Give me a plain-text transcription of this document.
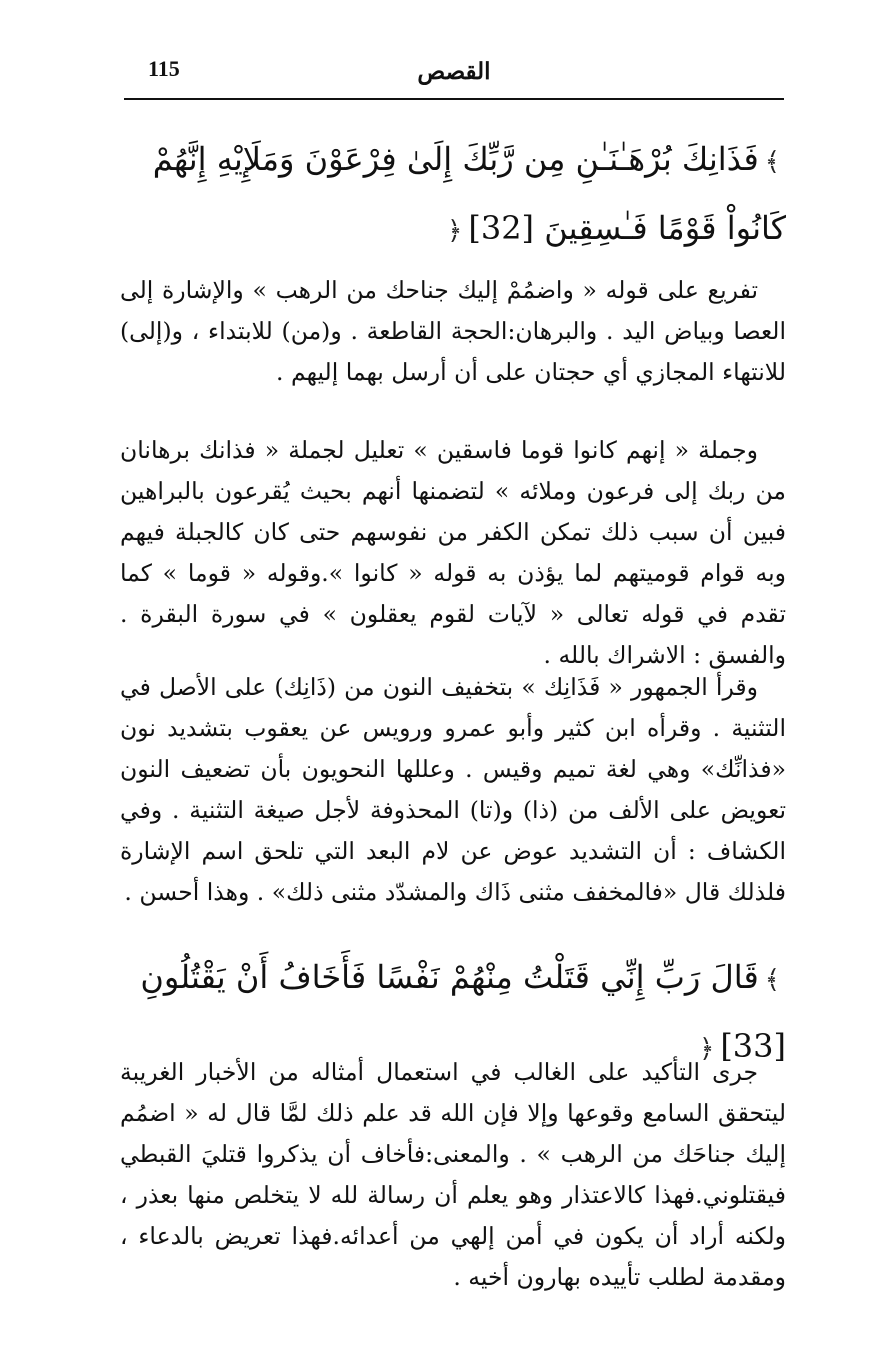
115	القصص
﴾فَذَانِكَ بُرْهَـٰنَـٰنِ مِن رَّبِّكَ إِلَىٰ فِرْعَوْنَ وَمَلَإِيْهِ إِنَّهُمْ كَانُواْ قَوْمًا فَـٰسِقِينَ [32]﴿

تفريع على قوله « واضمُمْ إليك جناحك من الرهب » والإشارة إلى العصا وبياض اليد . والبرهان:الحجة القاطعة . و(من) للابتداء ، و(إلى) للانتهاء المجازي أي حجتان على أن أرسل بهما إليهم .

وجملة « إنهم كانوا قوما فاسقين » تعليل لجملة « فذانك برهانان من ربك إلى فرعون وملائه » لتضمنها أنهم بحيث يُقرعون بالبراهين فبين أن سبب ذلك تمكن الكفر من نفوسهم حتى كان كالجبلة فيهم وبه قوام قوميتهم لما يؤذن به قوله « كانوا ».وقوله « قوما » كما تقدم في قوله تعالى « لآيات لقوم يعقلون » في سورة البقرة . والفسق : الاشراك بالله .

وقرأ الجمهور « فَذَانِك » بتخفيف النون من (ذَانِك) على الأصل في التثنية . وقرأه ابن كثير وأبو عمرو ورويس عن يعقوب بتشديد نون «فذانِّك» وهي لغة تميم وقيس . وعللها النحويون بأن تضعيف النون تعويض على الألف من (ذا) و(تا) المحذوفة لأجل صيغة التثنية . وفي الكشاف : أن التشديد عوض عن لام البعد التي تلحق اسم الإشارة فلذلك قال «فالمخفف مثنى ذَاك والمشدّد مثنى ذلك» . وهذا أحسن .

﴾قَالَ رَبِّ إِنِّي قَتَلْتُ مِنْهُمْ نَفْسًا فَأَخَافُ أَنْ يَقْتُلُونِ [33]﴿

جرى التأكيد على الغالب في استعمال أمثاله من الأخبار الغريبة ليتحقق السامع وقوعها وإلا فإن الله قد علم ذلك لمَّا قال له « اضمُم إليك جناحَك من الرهب » . والمعنى:فأخاف أن يذكروا قتليَ القبطي فيقتلوني.فهذا كالاعتذار وهو يعلم أن رسالة لله لا يتخلص منها بعذر ، ولكنه أراد أن يكون في أمن إلهي من أعدائه.فهذا تعريض بالدعاء ، ومقدمة لطلب تأييده بهارون أخيه .
